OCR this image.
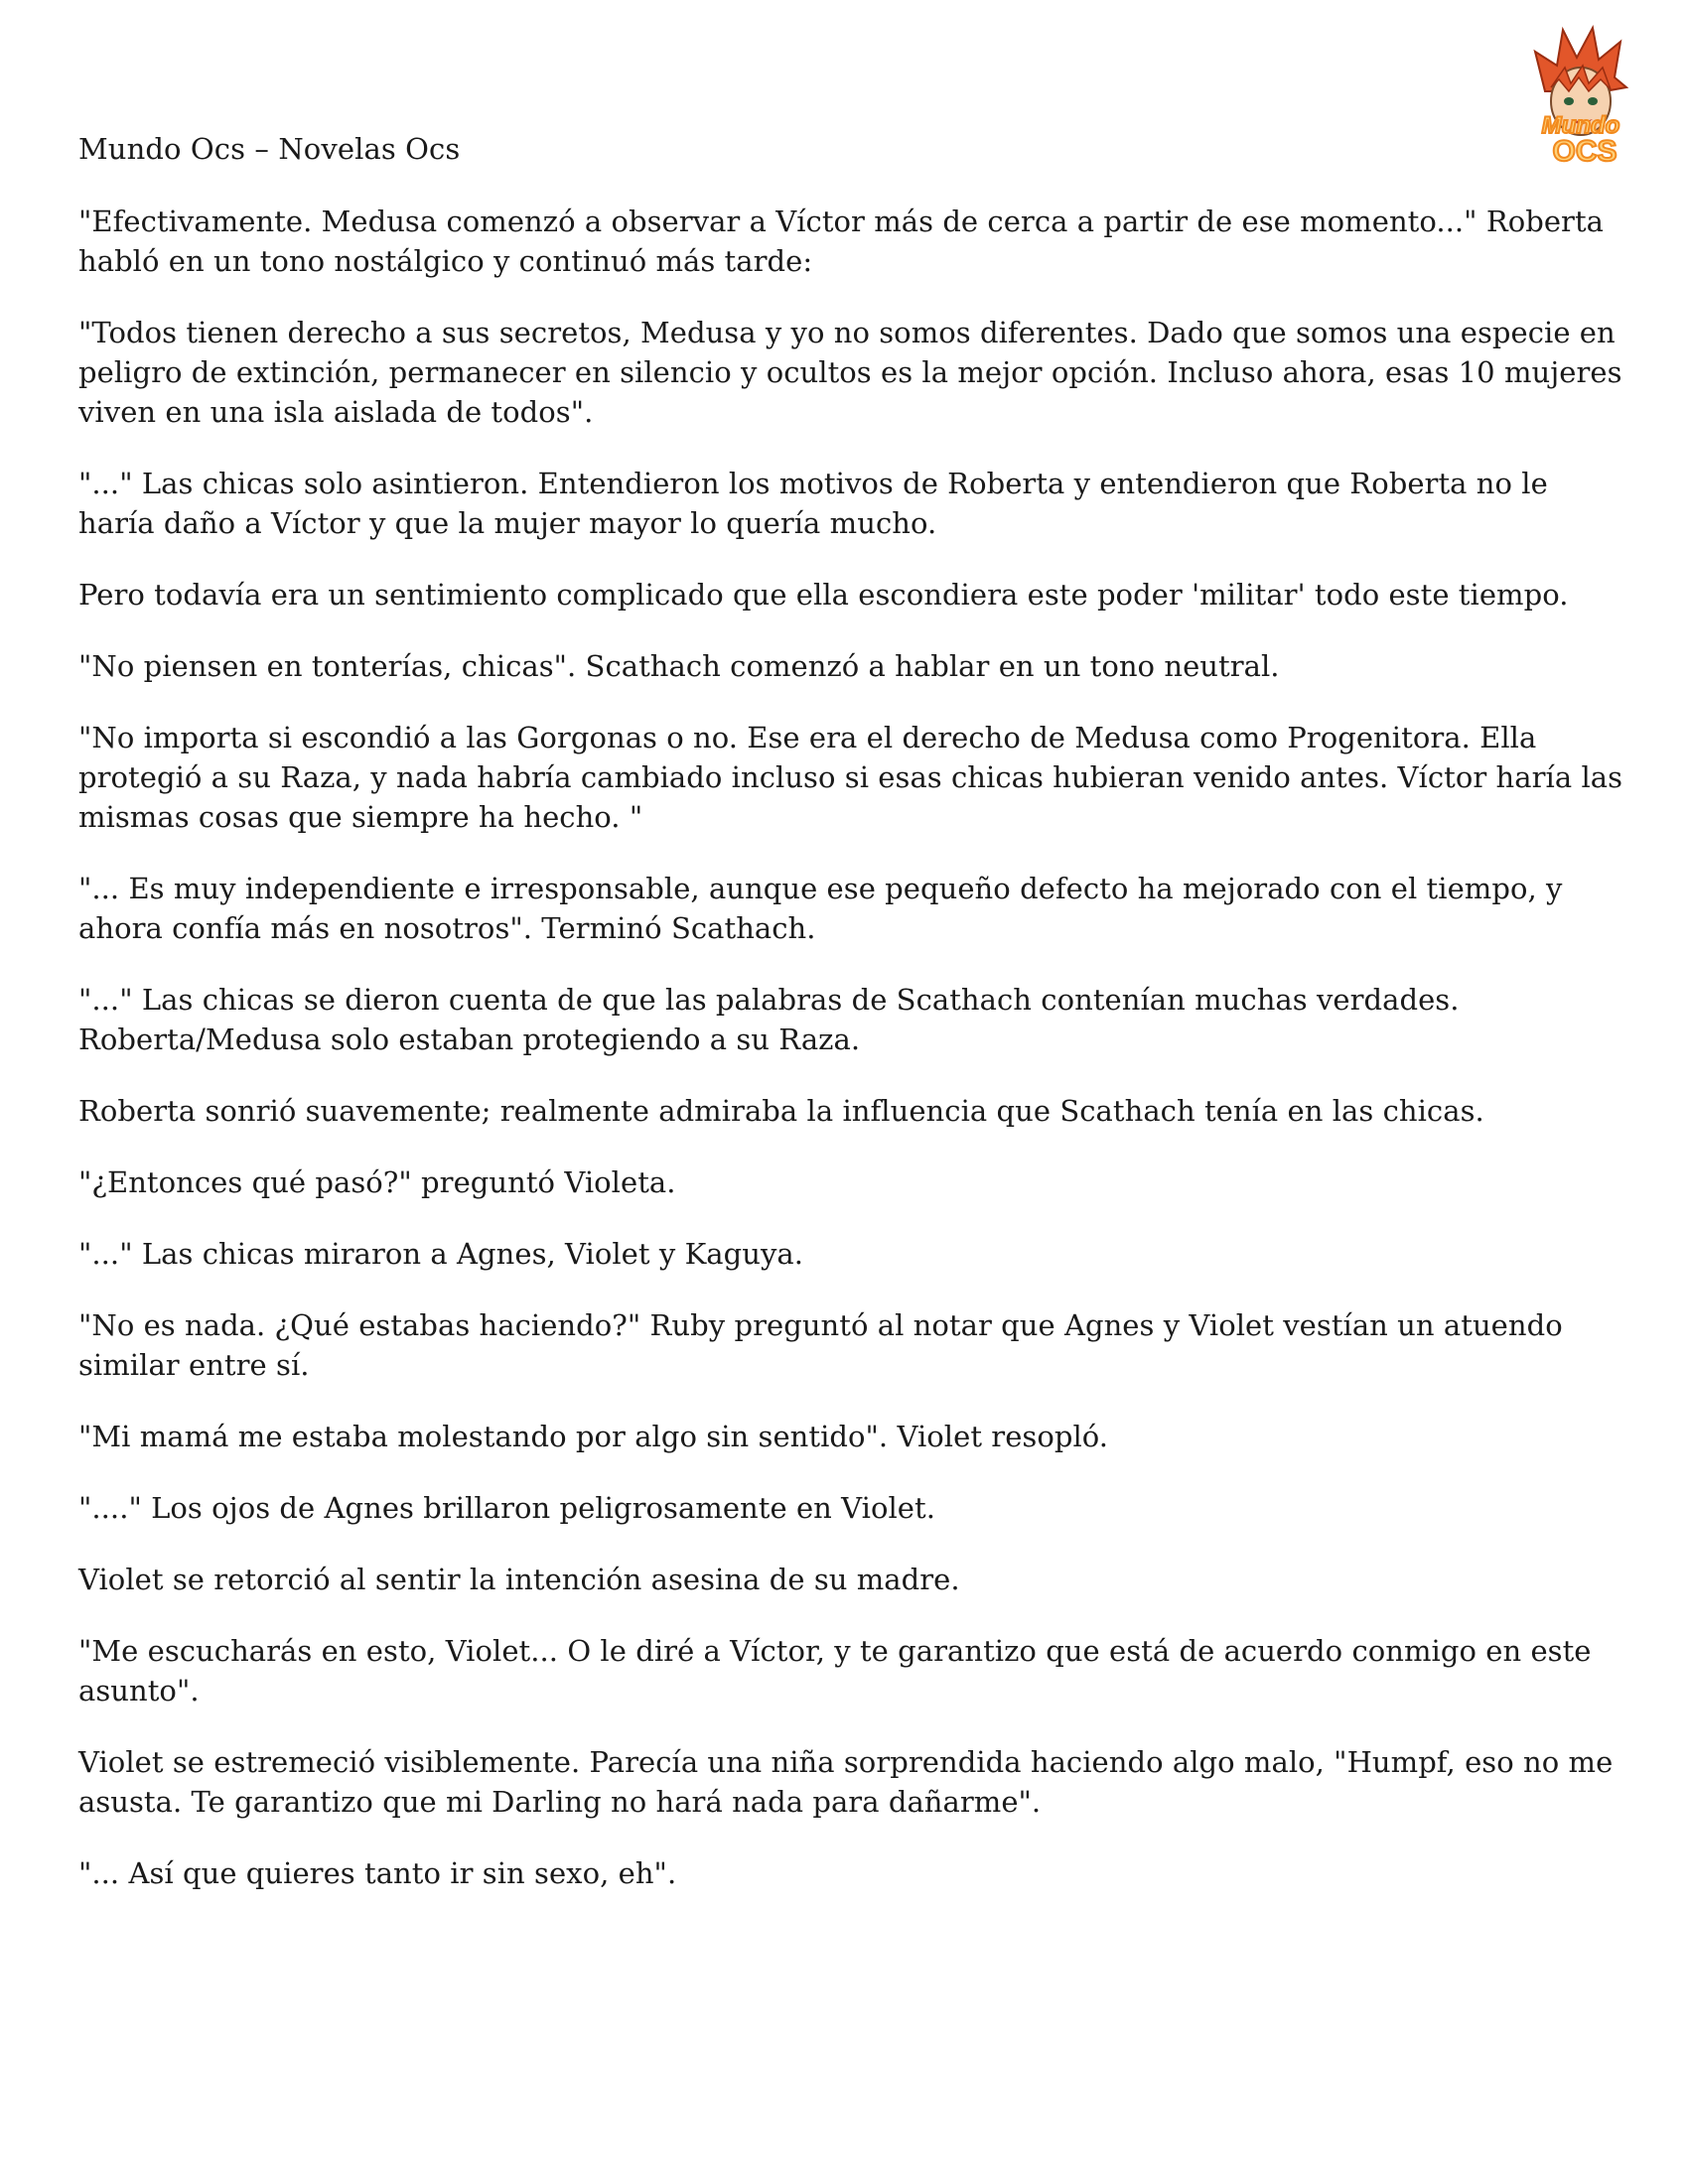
Mundo Ocs – Novelas Ocs
Mundo
OCS

"Efectivamente. Medusa comenzó a observar a Víctor más de cerca a partir de ese momento..." Roberta habló en un tono nostálgico y continuó más tarde:

"Todos tienen derecho a sus secretos, Medusa y yo no somos diferentes. Dado que somos una especie en peligro de extinción, permanecer en silencio y ocultos es la mejor opción. Incluso ahora, esas 10 mujeres viven en una isla aislada de todos".

"..." Las chicas solo asintieron. Entendieron los motivos de Roberta y entendieron que Roberta no le haría daño a Víctor y que la mujer mayor lo quería mucho.

Pero todavía era un sentimiento complicado que ella escondiera este poder 'militar' todo este tiempo.

"No piensen en tonterías, chicas". Scathach comenzó a hablar en un tono neutral.

"No importa si escondió a las Gorgonas o no. Ese era el derecho de Medusa como Progenitora. Ella protegió a su Raza, y nada habría cambiado incluso si esas chicas hubieran venido antes. Víctor haría las mismas cosas que siempre ha hecho. "

"... Es muy independiente e irresponsable, aunque ese pequeño defecto ha mejorado con el tiempo, y ahora confía más en nosotros". Terminó Scathach.

"..." Las chicas se dieron cuenta de que las palabras de Scathach contenían muchas verdades. Roberta/Medusa solo estaban protegiendo a su Raza.

Roberta sonrió suavemente; realmente admiraba la influencia que Scathach tenía en las chicas.

"¿Entonces qué pasó?" preguntó Violeta.

"..." Las chicas miraron a Agnes, Violet y Kaguya.

"No es nada. ¿Qué estabas haciendo?" Ruby preguntó al notar que Agnes y Violet vestían un atuendo similar entre sí.

"Mi mamá me estaba molestando por algo sin sentido". Violet resopló.

"...." Los ojos de Agnes brillaron peligrosamente en Violet.

Violet se retorció al sentir la intención asesina de su madre.

"Me escucharás en esto, Violet... O le diré a Víctor, y te garantizo que está de acuerdo conmigo en este asunto".

Violet se estremeció visiblemente. Parecía una niña sorprendida haciendo algo malo, "Humpf, eso no me asusta. Te garantizo que mi Darling no hará nada para dañarme".

"... Así que quieres tanto ir sin sexo, eh".
